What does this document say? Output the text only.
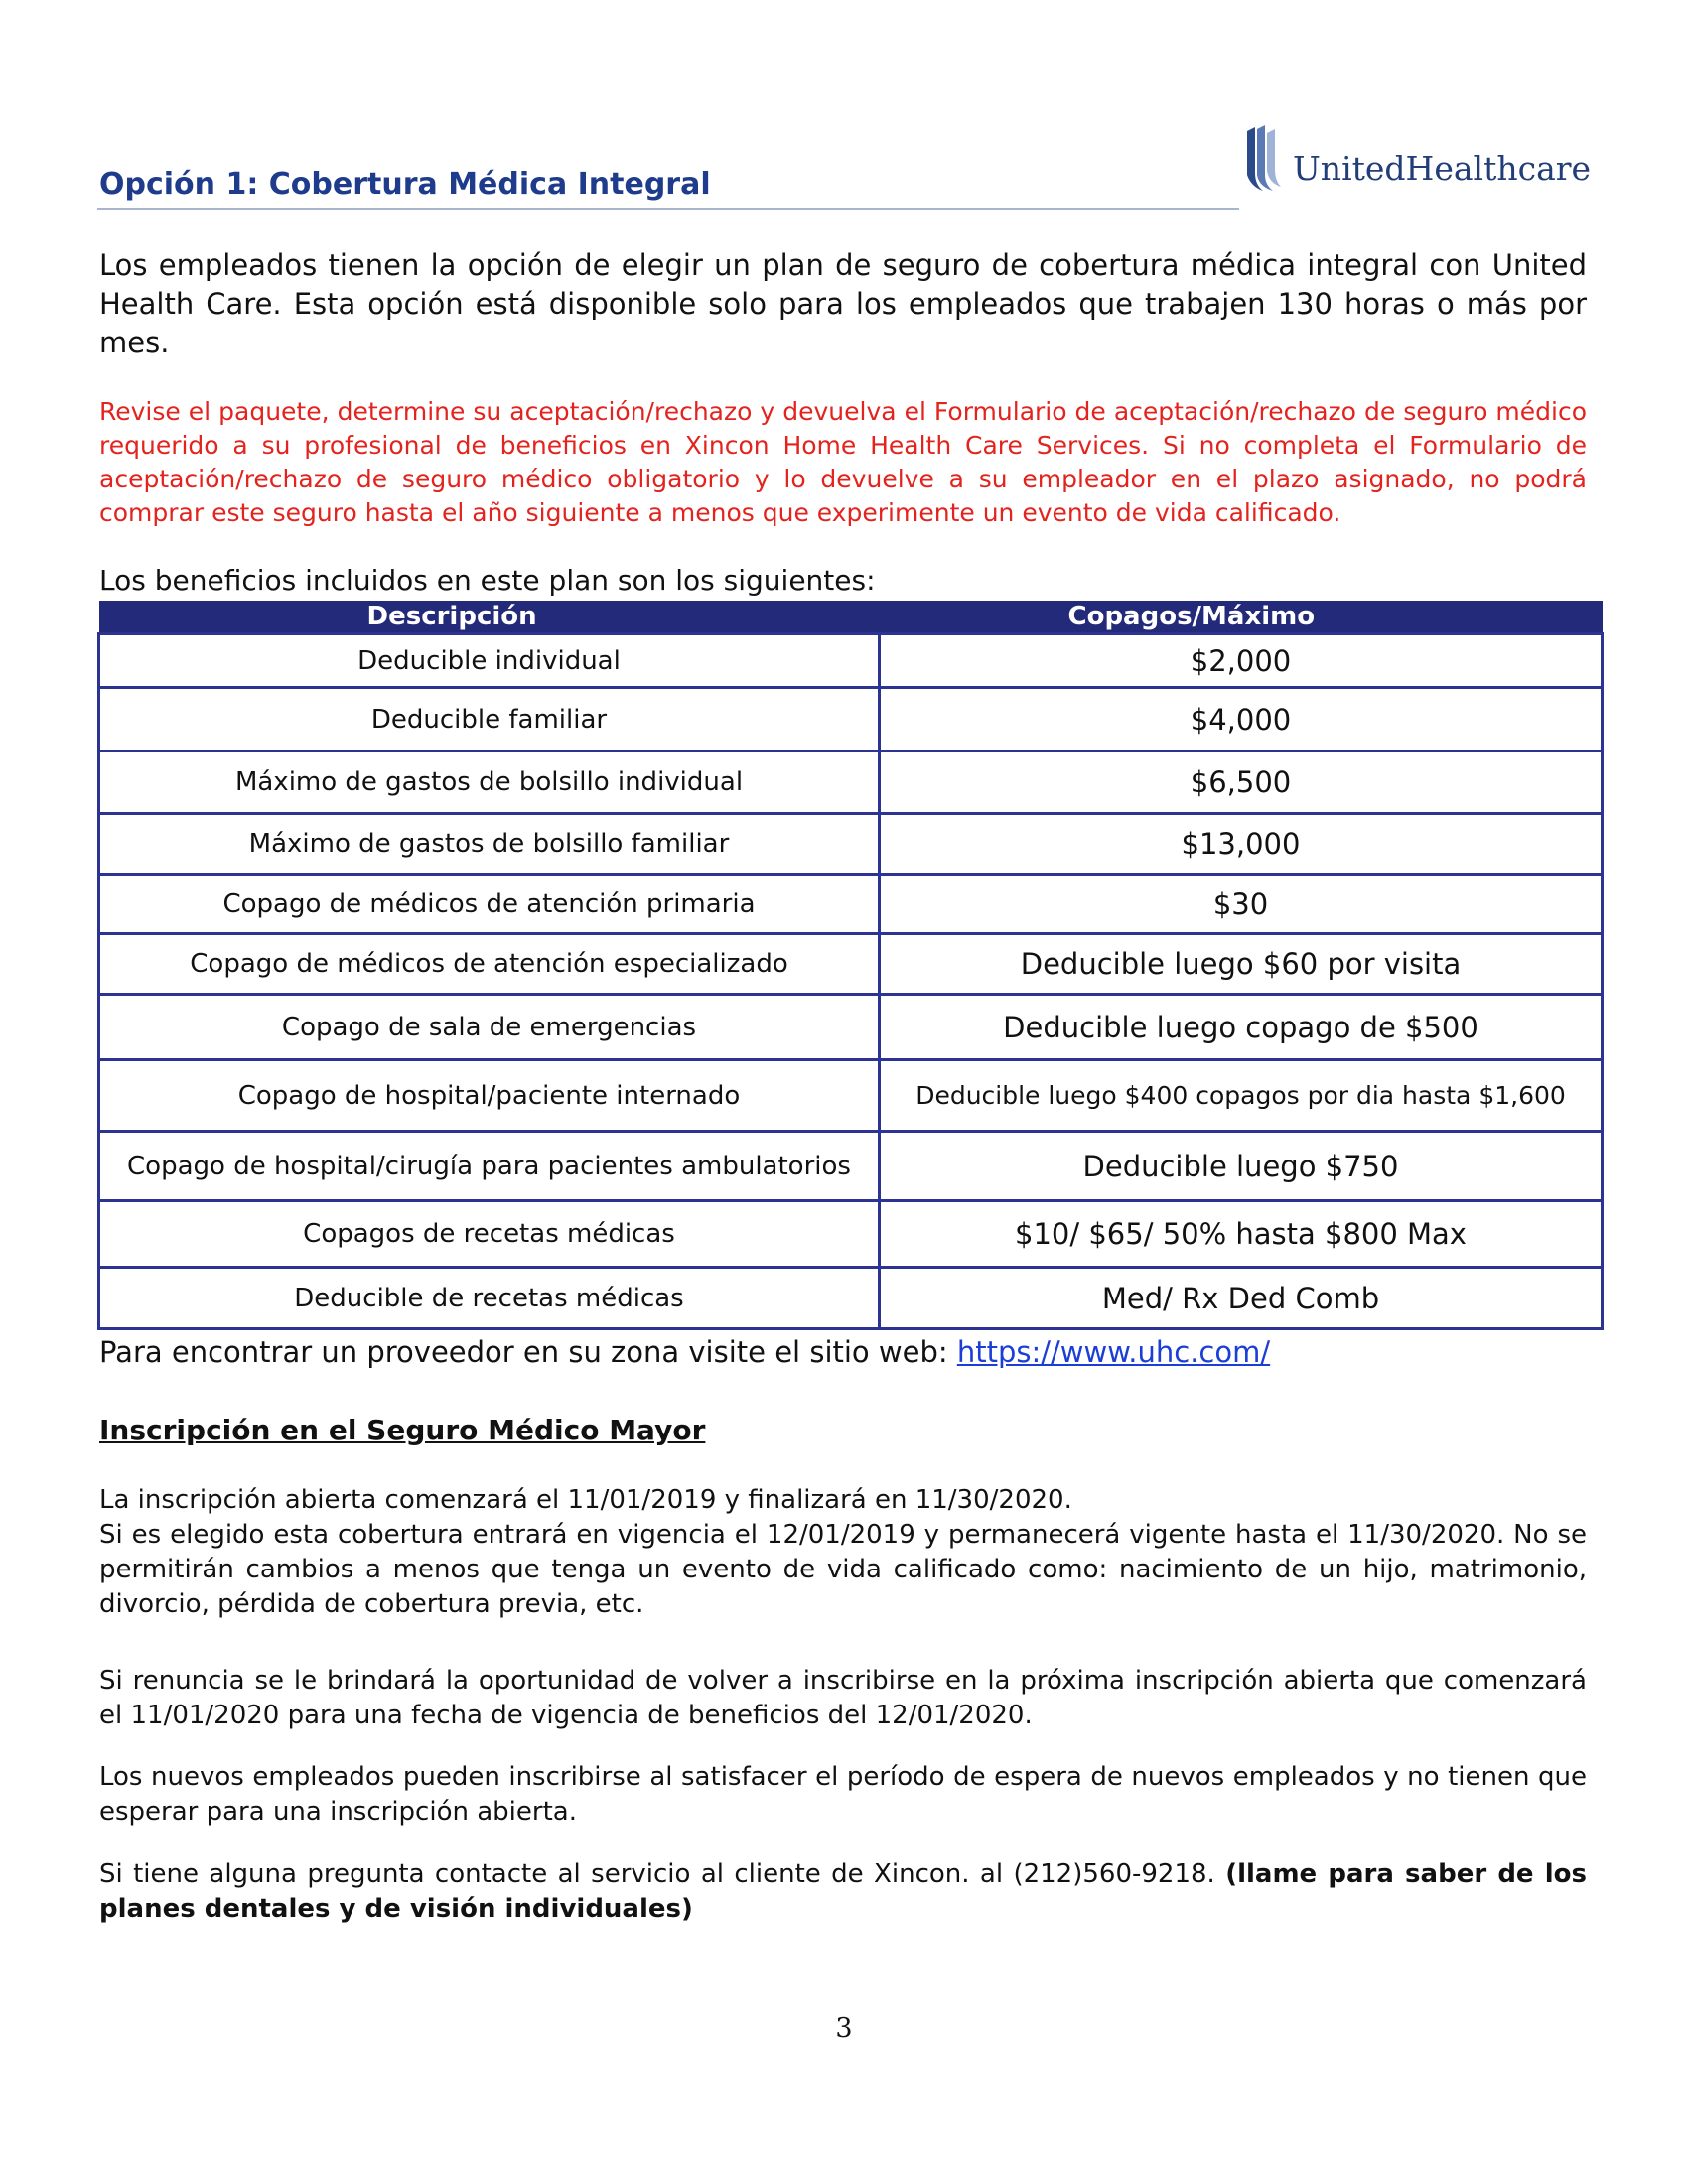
Opción 1: Cobertura Médica Integral	UnitedHealthcare
Los empleados tienen la opción de elegir un plan de seguro de cobertura médica integral con United Health Care. Esta opción está disponible solo para los empleados que trabajen 130 horas o más por mes.
Revise el paquete, determine su aceptación/rechazo y devuelva el Formulario de aceptación/rechazo de seguro médico requerido a su profesional de beneficios en Xincon Home Health Care Services. Si no completa el Formulario de aceptación/rechazo de seguro médico obligatorio y lo devuelve a su empleador en el plazo asignado, no podrá comprar este seguro hasta el año siguiente a menos que experimente un evento de vida calificado.
Los beneficios incluidos en este plan son los siguientes:
Descripción	Copagos/Máximo
Deducible individual	$2,000
Deducible familiar	$4,000
Máximo de gastos de bolsillo individual	$6,500
Máximo de gastos de bolsillo familiar	$13,000
Copago de médicos de atención primaria	$30
Copago de médicos de atención especializado	Deducible luego $60 por visita
Copago de sala de emergencias	Deducible luego copago de $500
Copago de hospital/paciente internado	Deducible luego $400 copagos por dia hasta $1,600
Copago de hospital/cirugía para pacientes ambulatorios	Deducible luego $750
Copagos de recetas médicas	$10/ $65/ 50% hasta $800 Max
Deducible de recetas médicas	Med/ Rx Ded Comb
Para encontrar un proveedor en su zona visite el sitio web: https://www.uhc.com/
Inscripción en el Seguro Médico Mayor
La inscripción abierta comenzará el 11/01/2019 y finalizará en 11/30/2020.
Si es elegido esta cobertura entrará en vigencia el 12/01/2019 y permanecerá vigente hasta el 11/30/2020. No se permitirán cambios a menos que tenga un evento de vida calificado como: nacimiento de un hijo, matrimonio, divorcio, pérdida de cobertura previa, etc.
Si renuncia se le brindará la oportunidad de volver a inscribirse en la próxima inscripción abierta que comenzará el 11/01/2020 para una fecha de vigencia de beneficios del 12/01/2020.
Los nuevos empleados pueden inscribirse al satisfacer el período de espera de nuevos empleados y no tienen que esperar para una inscripción abierta.
Si tiene alguna pregunta contacte al servicio al cliente de Xincon. al (212)560-9218. (llame para saber de los planes dentales y de visión individuales)
3
